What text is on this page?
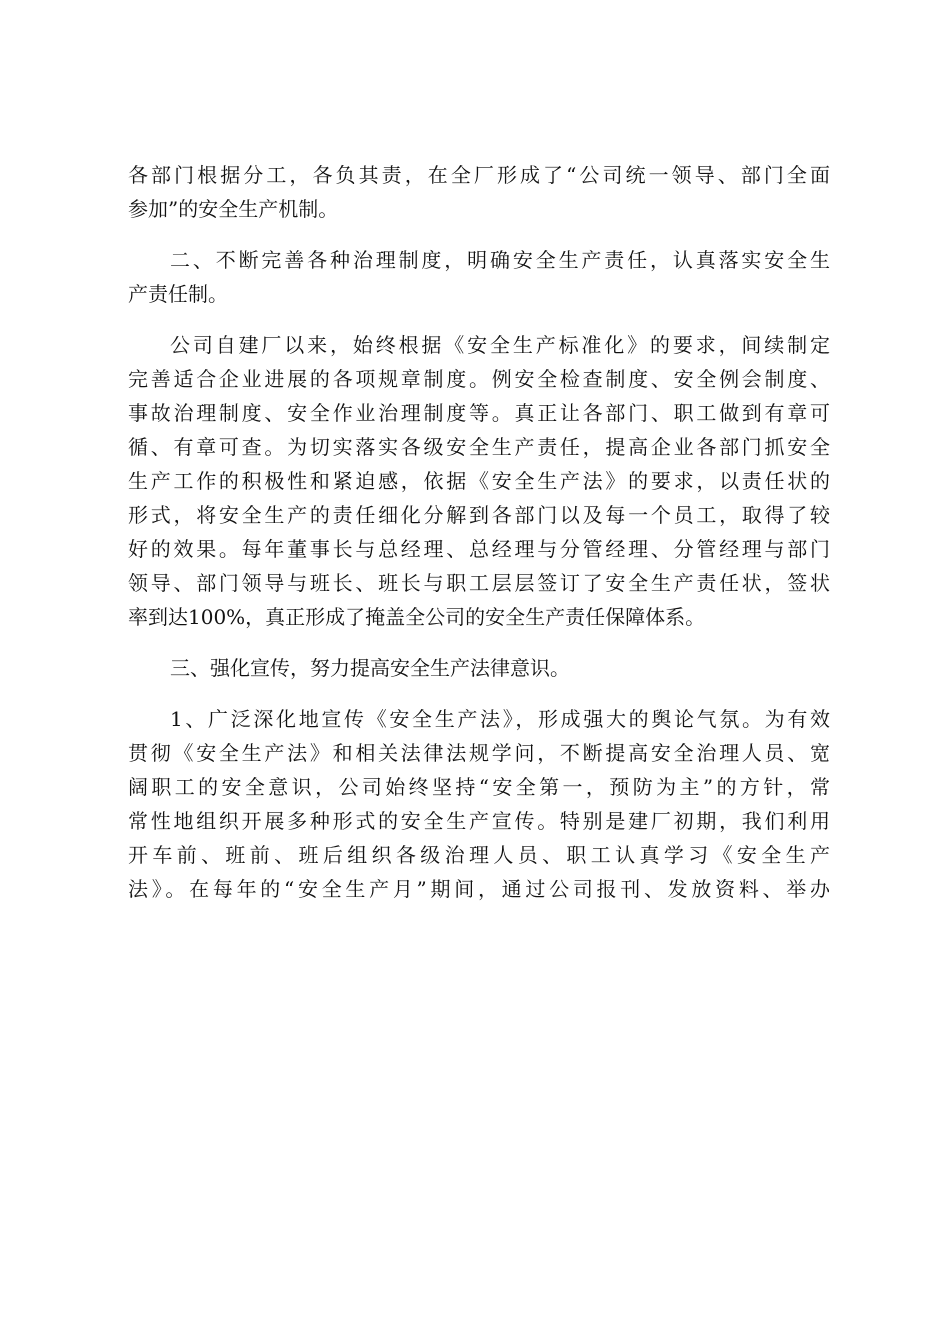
各部门根据分工，各负其责，在全厂形成了“公司统一领导、部门全面
参加”的安全生产机制。
二、不断完善各种治理制度，明确安全生产责任，认真落实安全生
产责任制。
公司自建厂以来，始终根据《安全生产标准化》的要求，间续制定
完善适合企业进展的各项规章制度。例安全检查制度、安全例会制度、
事故治理制度、安全作业治理制度等。真正让各部门、职工做到有章可
循、有章可查。为切实落实各级安全生产责任，提高企业各部门抓安全
生产工作的积极性和紧迫感，依据《安全生产法》的要求，以责任状的
形式，将安全生产的责任细化分解到各部门以及每一个员工，取得了较
好的效果。每年董事长与总经理、总经理与分管经理、分管经理与部门
领导、部门领导与班长、班长与职工层层签订了安全生产责任状，签状
率到达100%，真正形成了掩盖全公司的安全生产责任保障体系。
三、强化宣传，努力提高安全生产法律意识。
1、广泛深化地宣传《安全生产法》，形成强大的舆论气氛。为有效
贯彻《安全生产法》和相关法律法规学问，不断提高安全治理人员、宽
阔职工的安全意识，公司始终坚持“安全第一，预防为主”的方针，常
常性地组织开展多种形式的安全生产宣传。特别是建厂初期，我们利用
开车前、班前、班后组织各级治理人员、职工认真学习《安全生产
法》。在每年的“安全生产月”期间，通过公司报刊、发放资料、举办
